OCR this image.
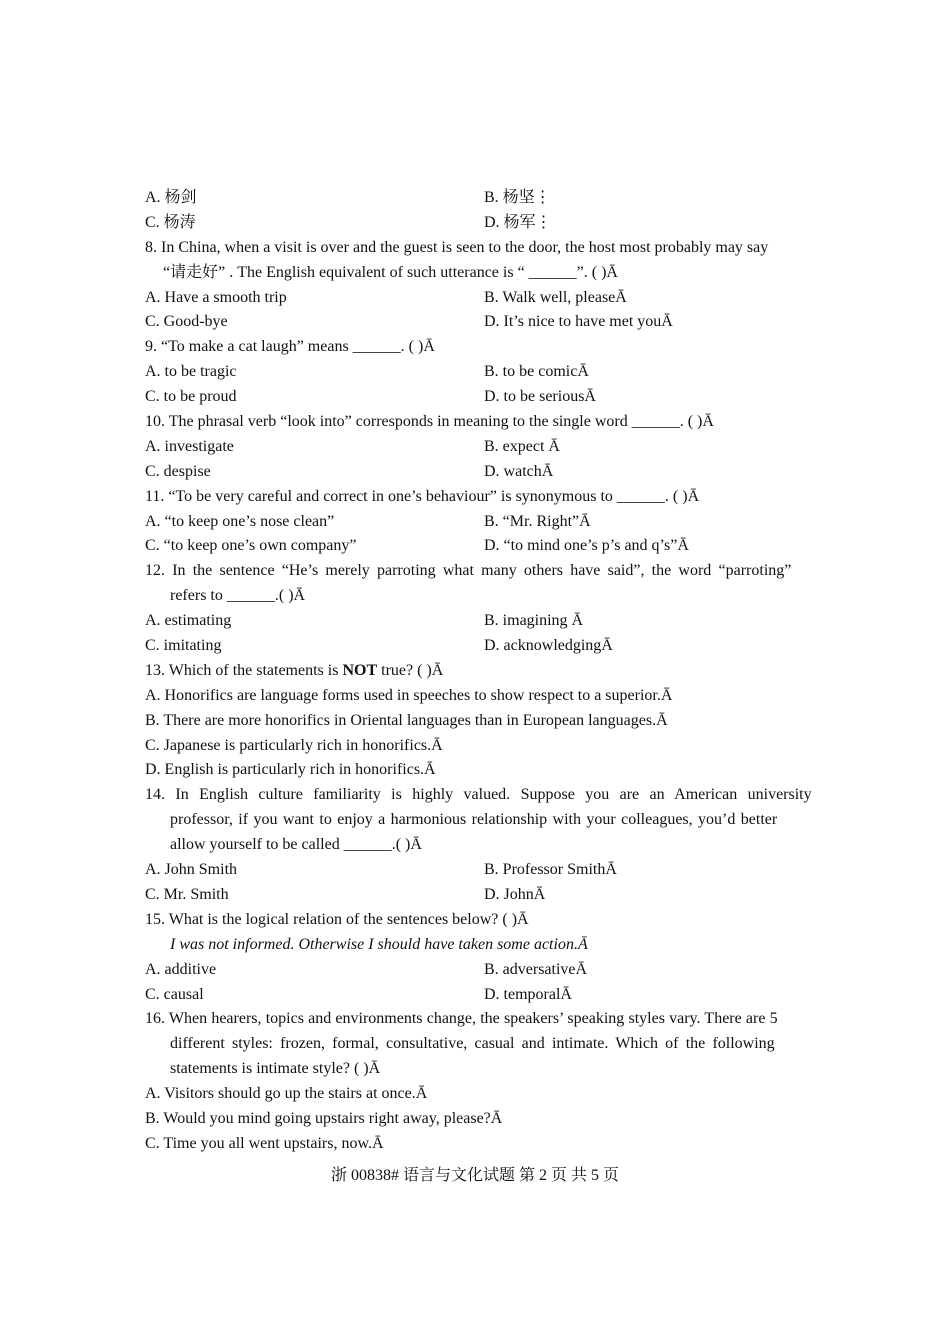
A. 杨剑	B. 杨坚⋮
C. 杨涛	D. 杨军⋮
8. In China, when a visit is over and the guest is seen to the door, the host most probably may say
“请走好” . The English equivalent of such utterance is “ ______”. ( )Ā
A. Have a smooth trip	B. Walk well, pleaseĀ
C. Good-bye	D. It’s nice to have met youĀ
9. “To make a cat laugh” means ______. ( )Ā
A. to be tragic	B. to be comicĀ
C. to be proud	D. to be seriousĀ
10. The phrasal verb “look into” corresponds in meaning to the single word ______. ( )Ā
A. investigate	B. expect Ā
C. despise	D. watchĀ
11. “To be very careful and correct in one’s behaviour” is synonymous to ______. ( )Ā
A. “to keep one’s nose clean”	B. “Mr. Right”Ā
C. “to keep one’s own company”	D. “to mind one’s p’s and q’s”Ā
12. In the sentence “He’s merely parroting what many others have said”, the word “parroting”
refers to ______.( )Ā
A. estimating	B. imagining Ā
C. imitating	D. acknowledgingĀ
13. Which of the statements is NOT true? ( )Ā
A. Honorifics are language forms used in speeches to show respect to a superior.Ā
B. There are more honorifics in Oriental languages than in European languages.Ā
C. Japanese is particularly rich in honorifics.Ā
D. English is particularly rich in honorifics.Ā
14. In English culture familiarity is highly valued. Suppose you are an American university
professor, if you want to enjoy a harmonious relationship with your colleagues, you’d better
allow yourself to be called ______.( )Ā
A. John Smith	B. Professor SmithĀ
C. Mr. Smith	D. JohnĀ
15. What is the logical relation of the sentences below? ( )Ā
I was not informed. Otherwise I should have taken some action.Ā
A. additive	B. adversativeĀ
C. causal	D. temporalĀ
16. When hearers, topics and environments change, the speakers’ speaking styles vary. There are 5
different styles: frozen, formal, consultative, casual and intimate. Which of the following
statements is intimate style? ( )Ā
A. Visitors should go up the stairs at once.Ā
B. Would you mind going upstairs right away, please?Ā
C. Time you all went upstairs, now.Ā
浙 00838# 语言与文化试题 第 2 页 共 5 页
